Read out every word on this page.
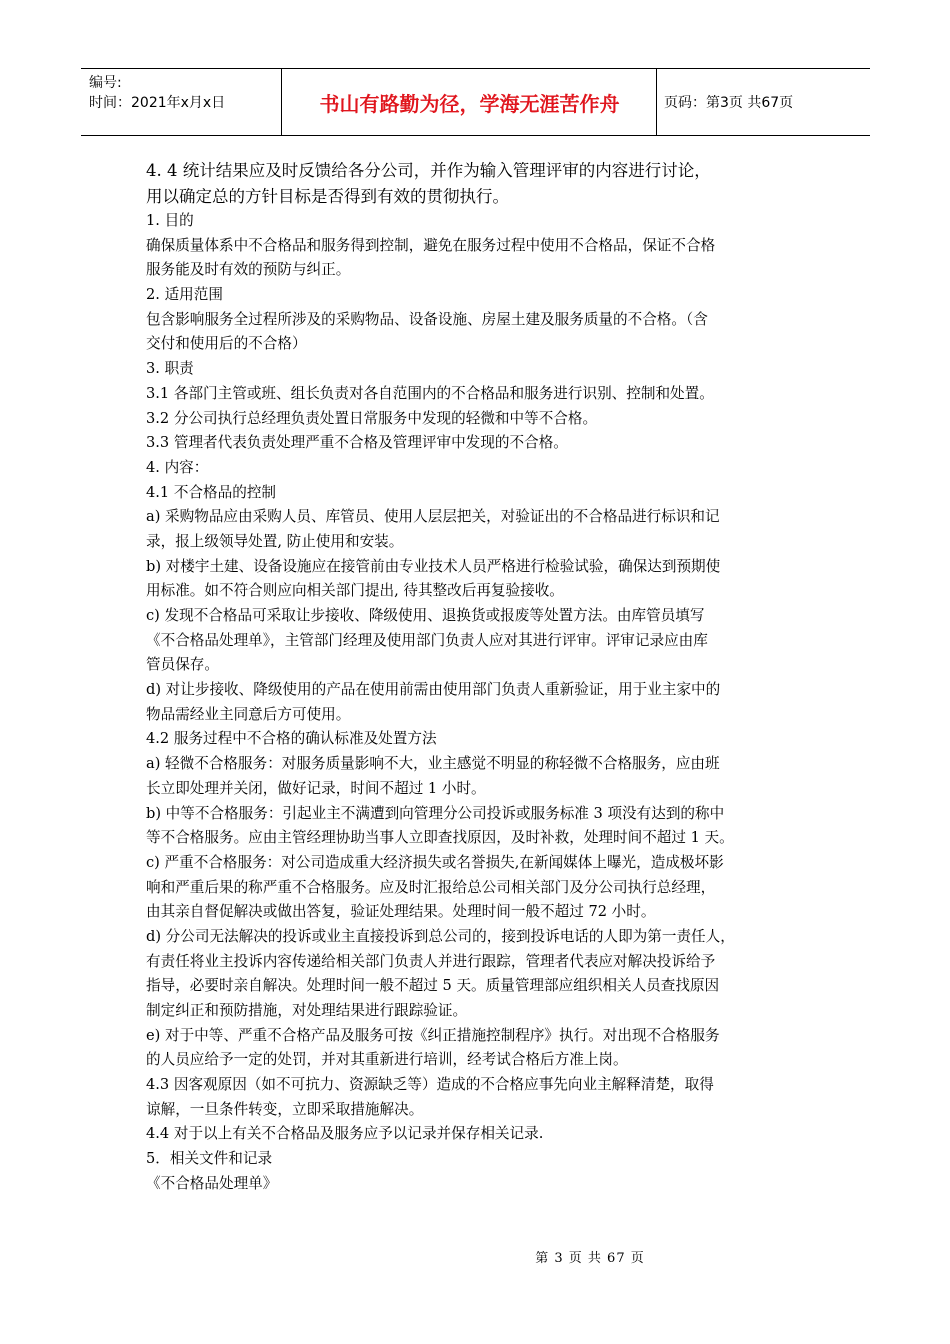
编号:
时间：2021年x月x日	书山有路勤为径，学海无涯苦作舟	页码：第3页 共67页
4. 4 统计结果应及时反馈给各分公司，并作为输入管理评审的内容进行讨论，
用以确定总的方针目标是否得到有效的贯彻执行。
1. 目的
确保质量体系中不合格品和服务得到控制，避免在服务过程中使用不合格品，保证不合格
服务能及时有效的预防与纠正。
2. 适用范围
包含影响服务全过程所涉及的采购物品、设备设施、房屋土建及服务质量的不合格。（含
交付和使用后的不合格）
3. 职责
3.1 各部门主管或班、组长负责对各自范围内的不合格品和服务进行识别、控制和处置。
3.2 分公司执行总经理负责处置日常服务中发现的轻微和中等不合格。
3.3 管理者代表负责处理严重不合格及管理评审中发现的不合格。
4. 内容：
4.1 不合格品的控制
a) 采购物品应由采购人员、库管员、使用人层层把关，对验证出的不合格品进行标识和记
录，报上级领导处置, 防止使用和安装。
b) 对楼宇土建、设备设施应在接管前由专业技术人员严格进行检验试验，确保达到预期使
用标准。如不符合则应向相关部门提出, 待其整改后再复验接收。
c) 发现不合格品可采取让步接收、降级使用、退换货或报废等处置方法。由库管员填写
《不合格品处理单》，主管部门经理及使用部门负责人应对其进行评审。评审记录应由库
管员保存。
d) 对让步接收、降级使用的产品在使用前需由使用部门负责人重新验证，用于业主家中的
物品需经业主同意后方可使用。
4.2 服务过程中不合格的确认标准及处置方法
a) 轻微不合格服务：对服务质量影响不大，业主感觉不明显的称轻微不合格服务，应由班
长立即处理并关闭，做好记录，时间不超过 1 小时。
b) 中等不合格服务：引起业主不满遭到向管理分公司投诉或服务标准 3 项没有达到的称中
等不合格服务。应由主管经理协助当事人立即查找原因，及时补救，处理时间不超过 1 天。
c) 严重不合格服务：对公司造成重大经济损失或名誉损失,在新闻媒体上曝光，造成极坏影
响和严重后果的称严重不合格服务。应及时汇报给总公司相关部门及分公司执行总经理，
由其亲自督促解决或做出答复，验证处理结果。处理时间一般不超过 72 小时。
d) 分公司无法解决的投诉或业主直接投诉到总公司的，接到投诉电话的人即为第一责任人，
有责任将业主投诉内容传递给相关部门负责人并进行跟踪，管理者代表应对解决投诉给予
指导，必要时亲自解决。处理时间一般不超过 5 天。质量管理部应组织相关人员查找原因
制定纠正和预防措施，对处理结果进行跟踪验证。
e) 对于中等、严重不合格产品及服务可按《纠正措施控制程序》执行。对出现不合格服务
的人员应给予一定的处罚，并对其重新进行培训，经考试合格后方准上岗。
4.3 因客观原因（如不可抗力、资源缺乏等）造成的不合格应事先向业主解释清楚，取得
谅解，一旦条件转变，立即采取措施解决。
4.4 对于以上有关不合格品及服务应予以记录并保存相关记录.
5．相关文件和记录
《不合格品处理单》
第 3 页 共 67 页
